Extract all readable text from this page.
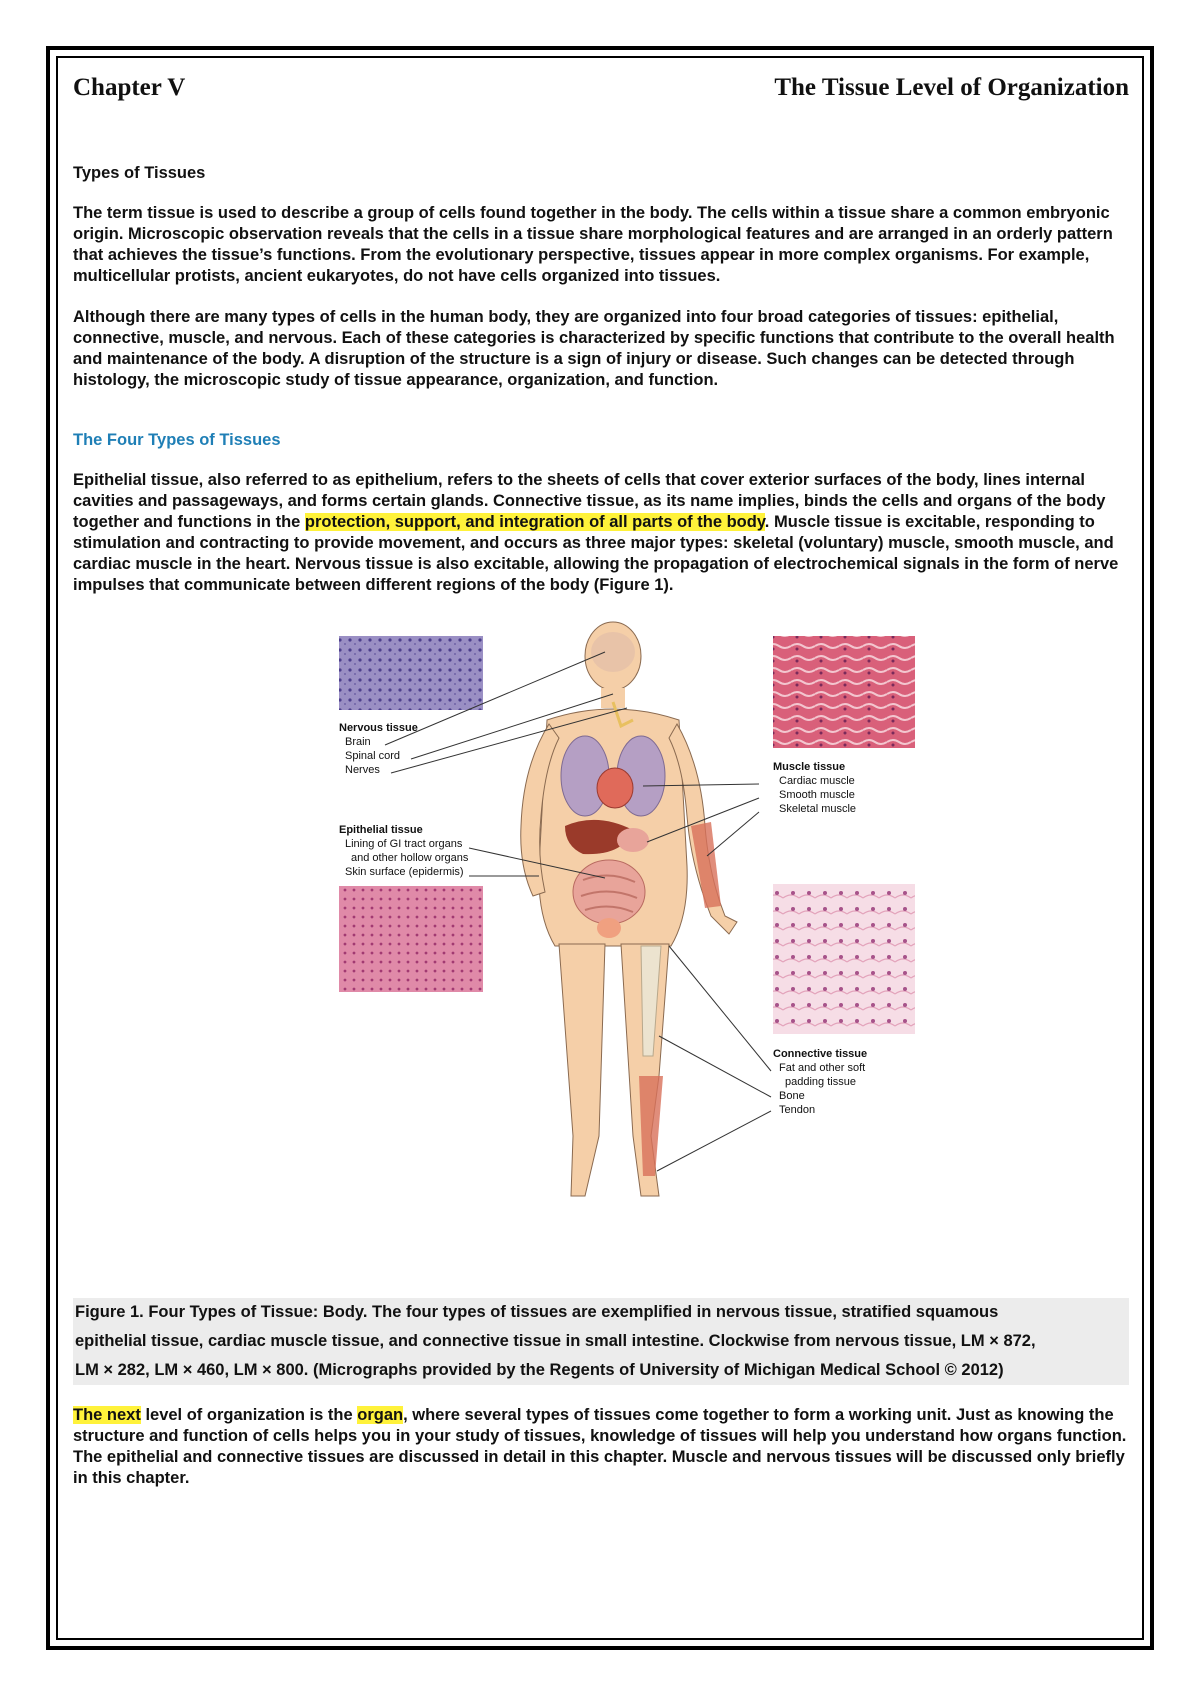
Chapter V	The Tissue Level of Organization
Types of Tissues

The term tissue is used to describe a group of cells found together in the body. The cells within a tissue share a common embryonic origin. Microscopic observation reveals that the cells in a tissue share morphological features and are arranged in an orderly pattern that achieves the tissue’s functions. From the evolutionary perspective, tissues appear in more complex organisms. For example, multicellular protists, ancient eukaryotes, do not have cells organized into tissues.

Although there are many types of cells in the human body, they are organized into four broad categories of tissues: epithelial, connective, muscle, and nervous. Each of these categories is characterized by specific functions that contribute to the overall health and maintenance of the body. A disruption of the structure is a sign of injury or disease. Such changes can be detected through histology, the microscopic study of tissue appearance, organization, and function.

The Four Types of Tissues

Epithelial tissue, also referred to as epithelium, refers to the sheets of cells that cover exterior surfaces of the body, lines internal cavities and passageways, and forms certain glands. Connective tissue, as its name implies, binds the cells and organs of the body together and functions in the protection, support, and integration of all parts of the body. Muscle tissue is excitable, responding to stimulation and contracting to provide movement, and occurs as three major types: skeletal (voluntary) muscle, smooth muscle, and cardiac muscle in the heart. Nervous tissue is also excitable, allowing the propagation of electrochemical signals in the form of nerve impulses that communicate between different regions of the body (Figure 1).

Nervous tissue
Brain
Spinal cord
Nerves
Epithelial tissue
Lining of GI tract organs
and other hollow organs
Skin surface (epidermis)
Muscle tissue
Cardiac muscle
Smooth muscle
Skeletal muscle
Connective tissue
Fat and other soft
padding tissue
Bone
Tendon
Figure 1. Four Types of Tissue: Body. The four types of tissues are exemplified in nervous tissue, stratified squamous
epithelial tissue, cardiac muscle tissue, and connective tissue in small intestine. Clockwise from nervous tissue, LM × 872,
LM × 282, LM × 460, LM × 800. (Micrographs provided by the Regents of University of Michigan Medical School © 2012)

The next level of organization is the organ, where several types of tissues come together to form a working unit. Just as knowing the structure and function of cells helps you in your study of tissues, knowledge of tissues will help you understand how organs function. The epithelial and connective tissues are discussed in detail in this chapter. Muscle and nervous tissues will be discussed only briefly in this chapter.
